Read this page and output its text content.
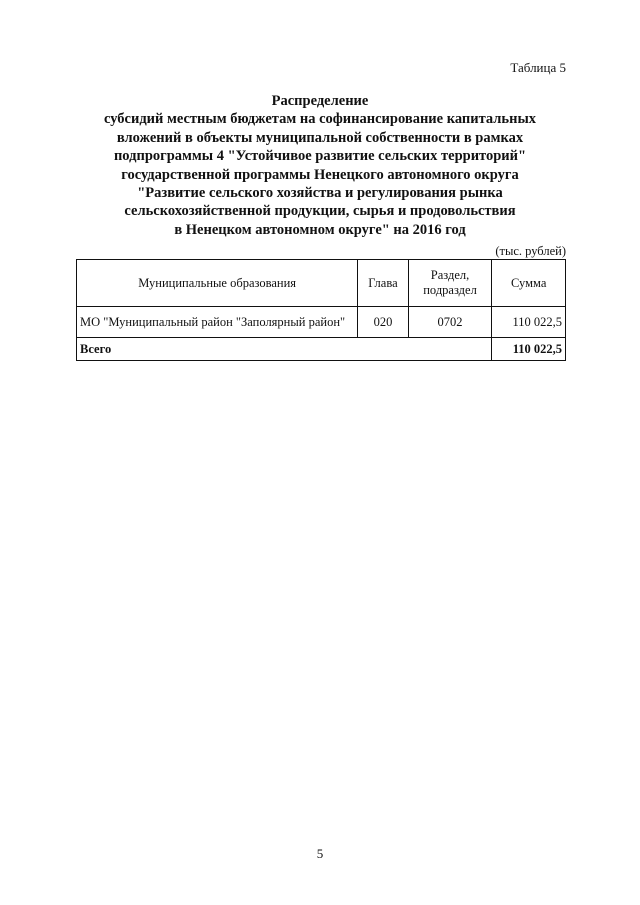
Таблица 5
Распределение
субсидий местным бюджетам на софинансирование капитальных
вложений в объекты муниципальной собственности в рамках
подпрограммы 4 "Устойчивое развитие сельских территорий"
государственной программы Ненецкого автономного округа
"Развитие сельского хозяйства и регулирования рынка
сельскохозяйственной продукции, сырья и продовольствия
в Ненецком автономном округе" на 2016 год
(тыс. рублей)
Муниципальные образования	Глава	Раздел,
подраздел	Сумма
МО "Муниципальный район "Заполярный район"	020	0702	110 022,5
Всего			110 022,5
5
